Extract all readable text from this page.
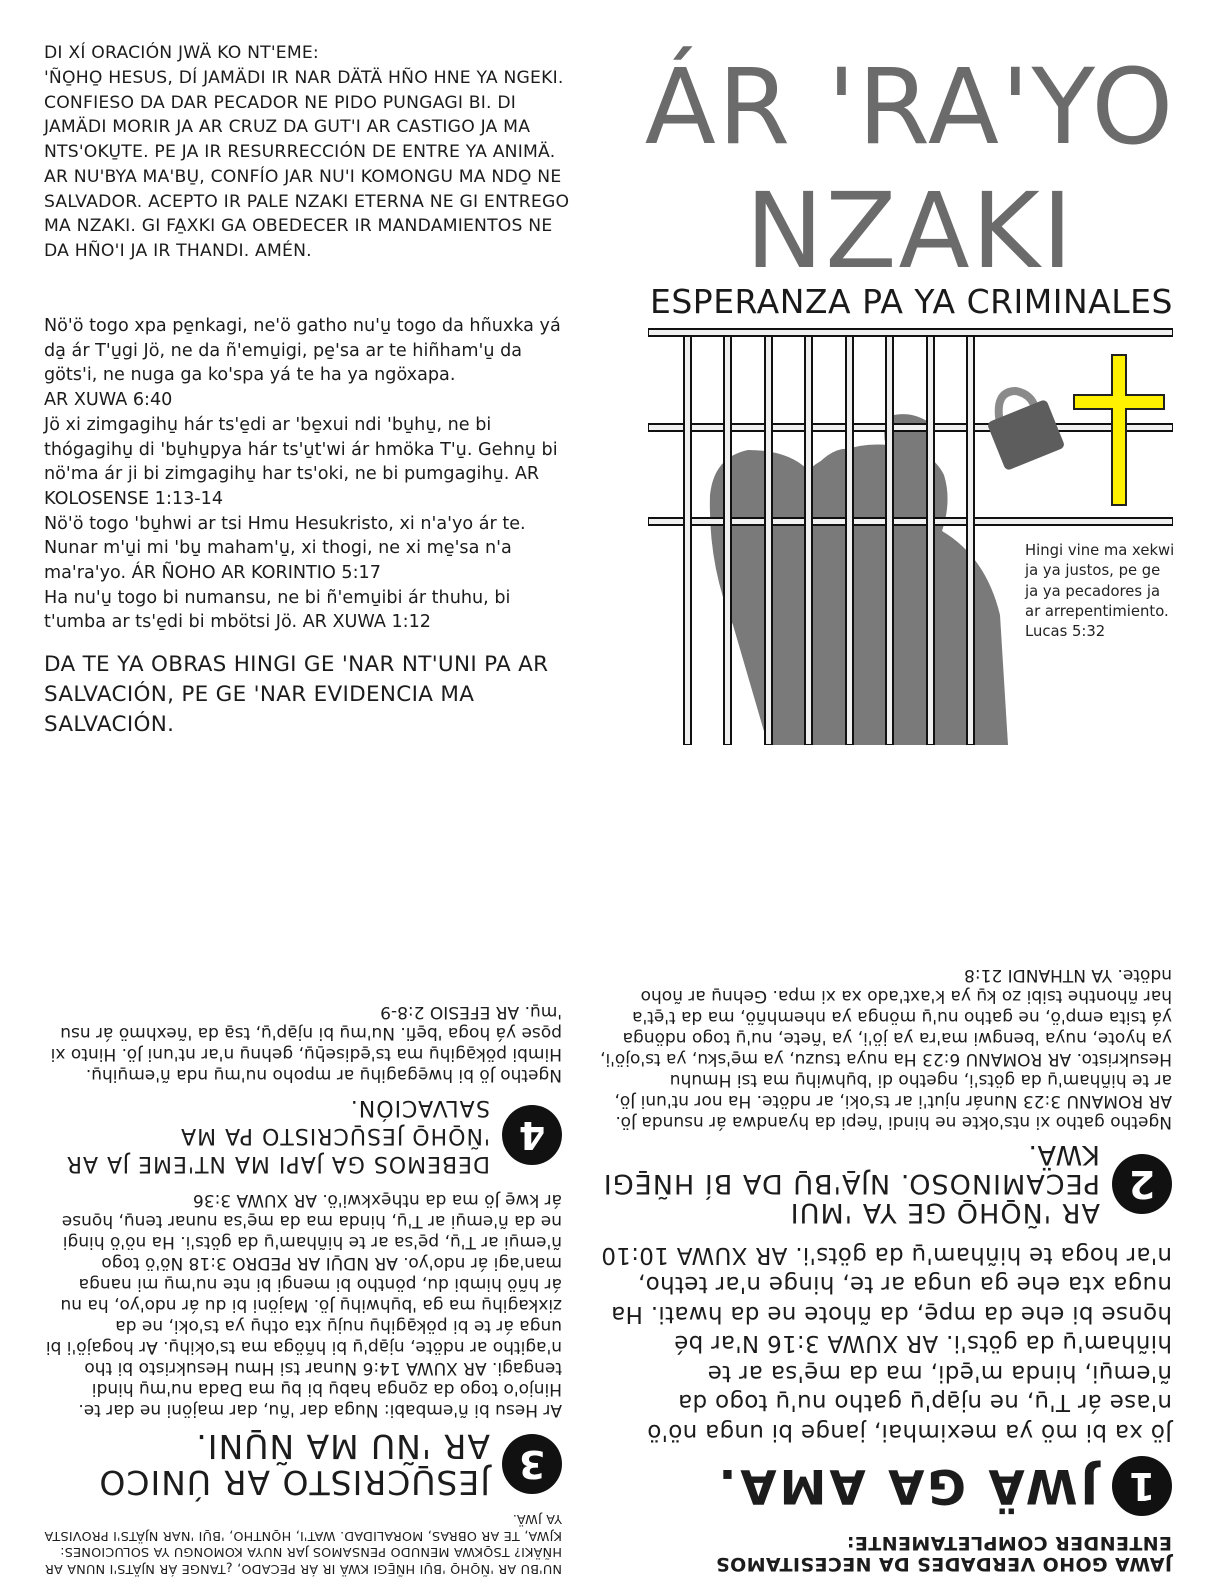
DI XÍ ORACIÓN JWÄ KO NT'EME:
'ÑO̱HO̱ HESUS, DÍ JAMÄDI IR NAR DÄTÄ HÑO HNE YA NGEKI. CONFIESO DA DAR PECADOR NE PIDO PUNGAGI BI. DI JAMÄDI MORIR JA AR CRUZ DA GUT'I AR CASTIGO JA MA NTS'OKU̱TE. PE JA IR RESURRECCIÓN DE ENTRE YA ANIMÄ. AR NU'BYA MA'BU̱, CONFÍO JAR NU'I KOMONGU MA NDO̱ NE SALVADOR. ACEPTO IR PALE NZAKI ETERNA NE GI ENTREGO MA NZAKI. GI FA̱XKI GA OBEDECER IR MANDAMIENTOS NE DA HÑO'I JA IR THANDI. AMÉN.

Nö'ö togo xpa pe̱nkagi, ne'ö gatho nu'u̱ togo da hñuxka yá da̱ ár T'u̱gi Jö, ne da ñ'emu̱igi, pe̱'sa ar te hiñham'u̱ da göts'i, ne nuga ga ko'spa yá te ha ya ngöxapa.

AR XUWA 6:40

Jö xi zimgagihu̱ hár ts'e̱di ar 'be̱xui ndi 'bu̱hu̱, ne bi thógagihu̱ di 'bu̱hu̱pya hár ts'u̱t'wi ár hmöka T'u̱. Gehnu̱ bi nö'ma ár ji bi zimgagihu̱ har ts'oki, ne bi pumgagihu̱. AR KOLOSENSE 1:13-14

Nö'ö togo 'bu̱hwi ar tsi Hmu Hesukristo, xi n'a'yo ár te. Nunar m'u̱i mi 'bu̱ maham'u̱, xi thogi, ne xi me̱'sa n'a ma'ra'yo. ÁR ÑOHO AR KORINTIO 5:17

Ha nu'u̱ togo bi numansu, ne bi ñ'emu̱ibi ár thuhu, bi t'umba ar ts'e̱di bi mbötsi Jö. AR XUWA 1:12

DA TE YA OBRAS HINGI GE 'NAR NT'UNI PA AR SALVACIÓN, PE GE 'NAR EVIDENCIA MA SALVACIÓN.
ÁR 'RA'YO
NZAKI
ESPERANZA PA YA CRIMINALES
Hingi vine ma xekwi ja ya justos, pe ge ja ya pecadores ja ar arrepentimiento. Lucas 5:32
JAWA GOHO VERDADES DA NECESITAMOS ENTENDER COMPLETAMENTE:
1
JWÄ GA AMA.
Jö xa bi mö ya meximhai, jange bi unga nö'ö n'ase ár T'u̱, ne nja̱p'u̱ gatho nu'u̱ togo da ñ'emu̱i, hinda m'e̱di, ma da me̱'sa ar te hiñham'u̱ da göts'i. AR XUWA 3:16 N'ar bé ho̱nse bi ehe da mpe̱, da ñhote ne da hwati. Ha nuga xta ehe ga unga ar te, hinge n'ar tetho, n'ar hoga te hiñham'u̱ da göts'i. AR XUWA 10:10
2
AR 'ÑO̱HO̱ GE YA 'MUI PECAMINOSO. NJA̱'BU̱ DA BÍ HÑE̱GI KWÄ.
Ngetho gatho xi nts'okte ne hindi 'ñepi da hyandwa ár nsunda Jö. AR ROMANU 3:23 Nunár njut'i ar ts'oki, ar ndöte. Ha nor nt'uni Jö, ar te hiñham'u̱ da göts'i, ngetho di 'bu̱hwihu̱ ma tsi Hmuhu Hesukristo. AR ROMANU 6:23 Ha nuya tsuzu, ya me̱'sku, ya ts'ojö'i, ya hyote, nuya 'bengwi ma'ra ya jö'i, ya 'ñete, nu'u̱ togo ndönga yá tsita emp'ö, ne gatho nu'u̱ mönga ya nhemhñö, ma da t'e̱t'a har ñhonthe tsibi zo ku̱ ya k'axt'ado xa xi mpa. Gehnu̱ ar ñoho ndöte. YA NTHANDI 21:8
NU'BU AR 'ÑO̱HO̱ 'BU̱I HÑE̱GI KWÄ IR ÁR PECADO, ¿TANGE ÁR NJÄTS'I NUNA AR HÑÄKI? TSO̱KWA MENUDO PENSAMOS JAR NUYA KOMONGU YA SOLUCIONES: KJWA, TE AR OBRAS, MORALIDAD. WAT'I, HO̱NTHO, 'BU̱I 'NAR NJÄTS'I PROVISTA YA JWÄ.
3
JESU̱CRISTO AR ÚNICO AR 'ÑU MA ÑU̱NI.
Ar Hesu bi ñ'embabi: Nuga dar 'ñu, dar majöni ne dar te. Hinjo'o togo da zo̱nga habu̱ bi bu̱ ma Dada nu'mu̱ hindi tengagi. AR XUWA 14:6 Nunar tsi Hmu Hesukristo bi tho n'agitho ar ndöte, nja̱p'u̱ bi hñöga ma ts'okihu̱. Ar hogajö'i bi unga ár te bi pöka̱gihu̱ nuju̱ xta othu̱ ya ts'oki, ne da zixkagihu̱ ma ga 'bu̱hwihu̱ Jö. Majöni bi du ár ndo'yo, ha nu ár hñö himbi du, pöntho bi mengi bi nte nu'mu̱ mi nanga man'agi ár ndo'yo. AR NDU̱I AR PEDRO 3:18 Nö'ö togo ñ'emu̱i ar T'u̱, pe̱'sa ar te hiñham'u̱ da göts'i. Ha nö'ö hingi ne da ñ'emu̱i ar T'u̱, hinda ma da me̱'sa nunar tenu̱, ho̱nse ár kwe̱ Jö ma da nthe̱xkwi'ö. AR XUWA 3:36
4
DEBEMOS GA JAPI MA NT'EME JA AR 'ÑO̱HO̱ JESU̱CRISTO PA MA SALVACIÓN.
Ngetho Jö bi hwe̱gagihu̱ ar mpoho nu'mu̱ nda ñ'emu̱ihu̱. Himbi pöka̱gihu̱ ma ts'e̱diseẖu̱, gehnu̱ n'ar nt'uni Jö. Hinto xi po̱se yá hoga 'be̱fi. Nu'mu̱ bi nja̱p'u̱, tsa̱ da 'ñexhmö ár nsu 'mu̱. AR EFESIO 2:8-9
